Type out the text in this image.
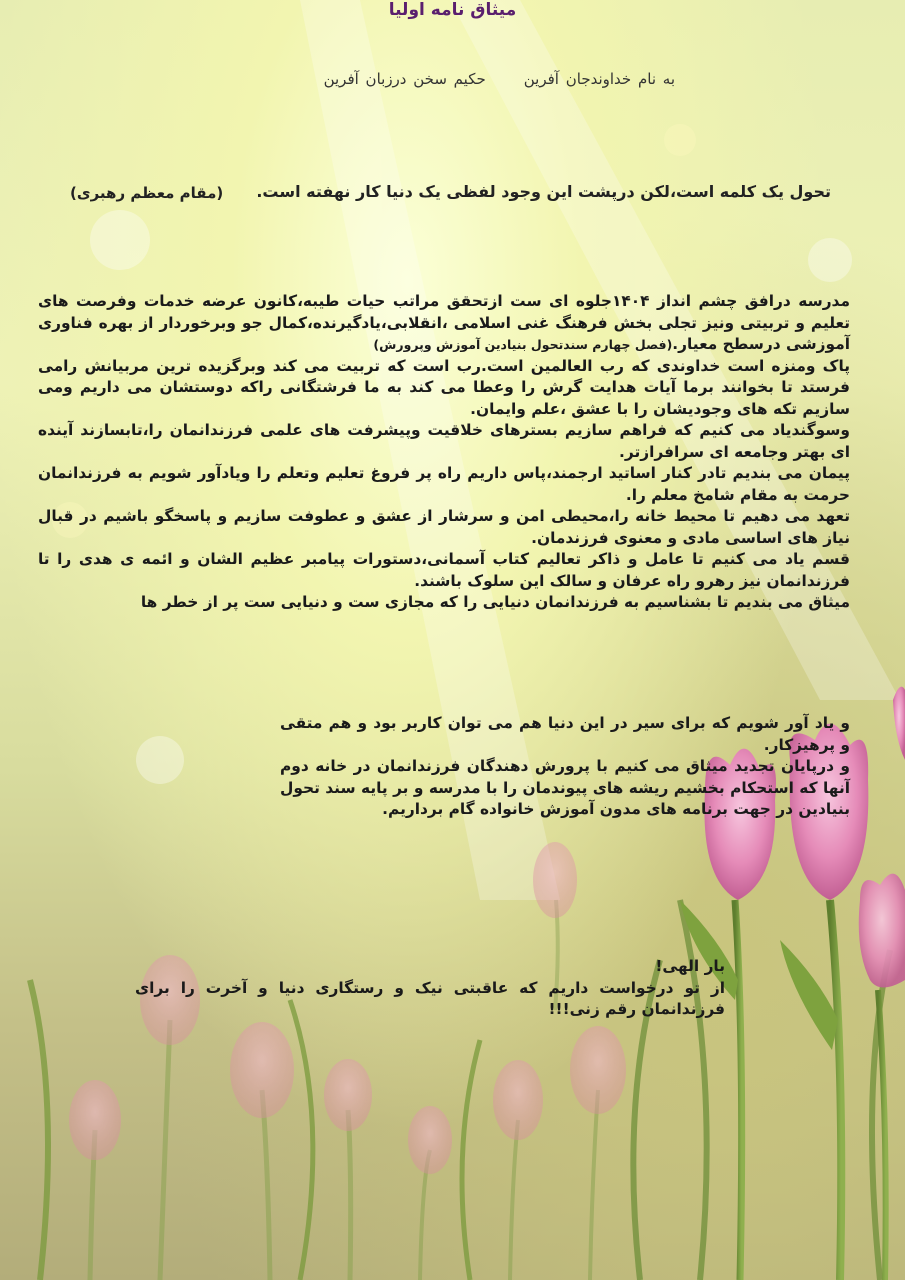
به نام خداوندجان آفرینحکیم سخن درزبان آفرین
میثاق نامه اولیا
تحول یک کلمه است،لکن درپشت این وجود لفظی یک دنیا کار نهفته است.
(مقام معظم رهبری)

مدرسه درافق چشم انداز ۱۴۰۴جلوه ای ست ازتحقق مراتب حیات طیبه،کانون عرضه خدمات وفرصت های تعلیم و تربیتی ونیز تجلی بخش فرهنگ غنی اسلامی ،انقلابی،یادگیرنده،کمال جو وبرخوردار از بهره فناوری آموزشی درسطح معیار.(فصل چهارم سندتحول بنیادین آموزش وپرورش)

پاک ومنزه است خداوندی که رب العالمین است.رب است که تربیت می کند وبرگزیده ترین مربیانش رامی فرستد تا بخوانند برما آیات هدایت گرش را وعطا می کند به ما فرشتگانی راکه دوستشان می داریم ومی سازیم تکه های وجودیشان را با عشق ،علم وایمان.

وسوگندیاد می کنیم که فراهم سازیم بسترهای خلاقیت وپیشرفت های علمی فرزندانمان را،تابسازند آینده ای بهتر وجامعه ای سرافرازتر.

پیمان می بندیم تادر کنار اساتید ارجمند،پاس داریم راه پر فروغ تعلیم وتعلم را ویادآور شویم به فرزندانمان حرمت به مقام شامخ معلم را.

تعهد می دهیم تا محیط خانه را،محیطی امن و سرشار از عشق و عطوفت سازیم و پاسخگو باشیم در قبال نیاز های اساسی مادی و معنوی فرزندمان.

قسم یاد می کنیم تا عامل و ذاکر تعالیم کتاب آسمانی،دستورات پیامبر عظیم الشان و ائمه ی هدی را تا فرزندانمان نیز رهرو راه عرفان و سالک این سلوک باشند.

میثاق می بندیم تا بشناسیم به فرزندانمان دنیایی را که مجازی ست و دنیایی ست پر از خطر ها

و یاد آور شویم که برای سیر در این دنیا هم می توان کاربر بود و هم متقی و پرهیزکار.

و درپایان تجدید میثاق می کنیم با پرورش دهندگان فرزندانمان در خانه دوم آنها که استحکام بخشیم ریشه های پیوندمان را با مدرسه و بر پایه سند تحول بنیادین در جهت برنامه های مدون آموزش خانواده گام برداریم.

بار الهی!

از تو درخواست داریم که عاقبتی نیک و رستگاری دنیا و آخرت را برای فرزندانمان رقم زنی!!!
